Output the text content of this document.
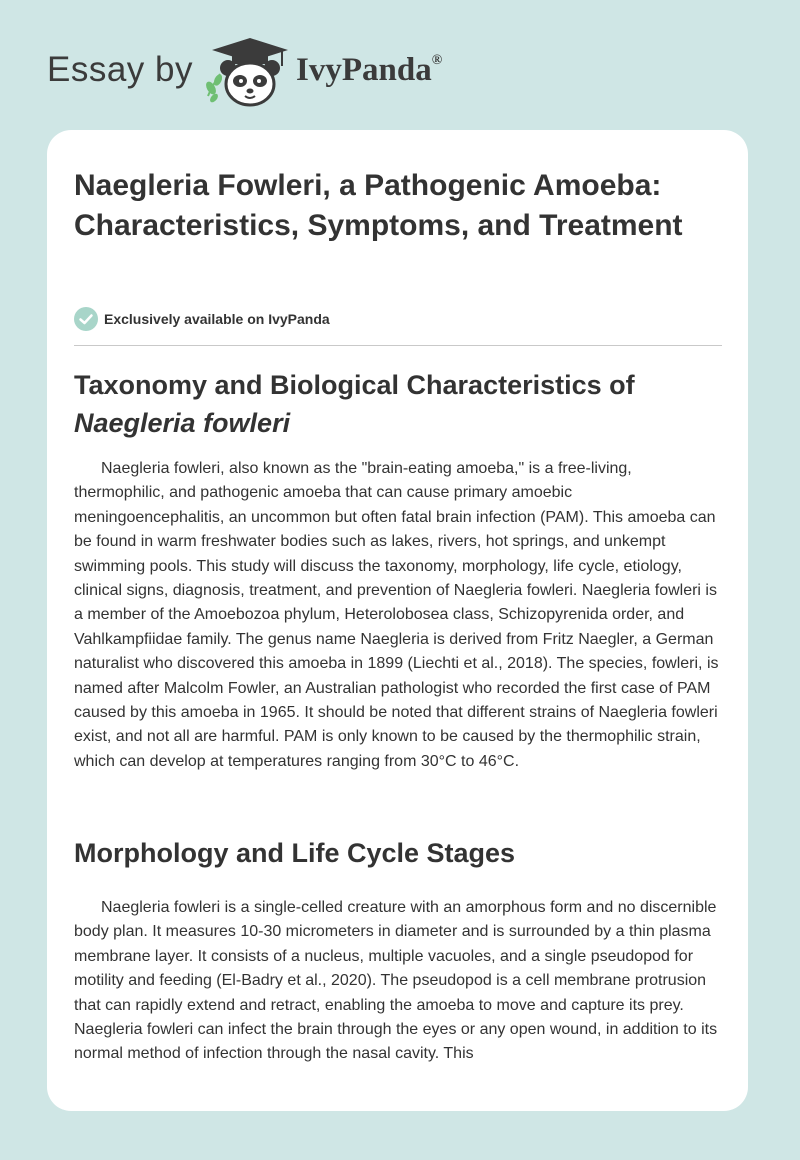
Essay by	IvyPanda®
Naegleria Fowleri, a Pathogenic Amoeba: Characteristics, Symptoms, and Treatment
Exclusively available on IvyPanda
Taxonomy and Biological Characteristics of
Naegleria fowleri

Naegleria fowleri, also known as the "brain-eating amoeba," is a free-living, thermophilic, and pathogenic amoeba that can cause primary amoebic meningoencephalitis, an uncommon but often fatal brain infection (PAM). This amoeba can be found in warm freshwater bodies such as lakes, rivers, hot springs, and unkempt swimming pools. This study will discuss the taxonomy, morphology, life cycle, etiology, clinical signs, diagnosis, treatment, and prevention of Naegleria fowleri. Naegleria fowleri is a member of the Amoebozoa phylum, Heterolobosea class, Schizopyrenida order, and Vahlkampfiidae family. The genus name Naegleria is derived from Fritz Naegler, a German naturalist who discovered this amoeba in 1899 (Liechti et al., 2018). The species, fowleri, is named after Malcolm Fowler, an Australian pathologist who recorded the first case of PAM caused by this amoeba in 1965. It should be noted that different strains of Naegleria fowleri exist, and not all are harmful. PAM is only known to be caused by the thermophilic strain, which can develop at temperatures ranging from 30°C to 46°C.

Morphology and Life Cycle Stages

Naegleria fowleri is a single-celled creature with an amorphous form and no discernible body plan. It measures 10-30 micrometers in diameter and is surrounded by a thin plasma membrane layer. It consists of a nucleus, multiple vacuoles, and a single pseudopod for motility and feeding (El-Badry et al., 2020). The pseudopod is a cell membrane protrusion that can rapidly extend and retract, enabling the amoeba to move and capture its prey. Naegleria fowleri can infect the brain through the eyes or any open wound, in addition to its normal method of infection through the nasal cavity. This
